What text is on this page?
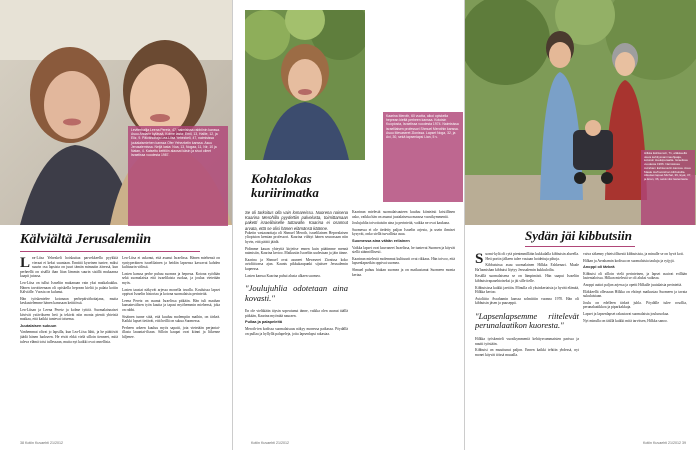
Leviterhalija Leena Peretz, 47, naimisissa rabbiinin kanssa. Asuu Andarin kylässä, Kolme lasta: Emil, 13, Hallie, 12, ja Eliz, 9. Päivähoitaja Lea-Liisa Yehezkeli, 47, naimisissa juutalaismiehen kanssa Ofer Yehezkelin kanssa. Asuu Jerusalemissa. Neljä lasta: Noa, 13, Nogaa, 11, Nir, 10 ja Natan, 4. Katseltu keittiön alaosat käsin ja sivut olleet Israelissa vuodesta 1987.
Kälviältä Jerusalemiin
L ea-Liisa Yehezkeli hoiskuttaa parvekkeella pyykkiä vieraat ei keksi suuntaan. Ennätti kyseinen tuntee, miksi suurin osa lapsista on juuri tämän minuutin ääressä, kun perheellä on sisällä ihan liian lämmin suurin sisällä mukaansa kaapit jutussa.

Lea-Liisa on tullut Israeliin mukanaan vain yksi matkalaukku. Hänen tavoitteenaan oli opiskella heprean kieltä ja palata kotiin Kälviälle. Vuosia on kulunut.

Hän työskentelee kotonaan perhepäivähoitajana, mutta keskustelemme hänen kanssaan keittiössä.

Lea-Liisan ja Leena Peretz ja kolme tyttöä. Suomalaisnaiset kävivät ystävikseen heti ja tekivät niin monta pientä yhteistä matkaa, että kaikki tuntevat toisensa.

Juutalaisen sukuun

Vanhemmat olivat jo lapsilla, kun Lea-Liisa lähti, ja he päättivät jäädä hänen luokseen. He eivät ehkä vielä silloin tienneet, mitä tuleva elämä toisi tullessaan, mutta nyt kaikki ovat onnellisia.

Lea-Liisa ei uskonut, että asunut Israelissa. Hänen miehensä on syntyperäinen israelilainen ja heidän lapsensa kasvavat kahden kulttuurin välissä.

Lasten kanssa perhe puhuu suomea ja hepreaa. Kotona syödään sekä suomalaista että israelilaista ruokaa, ja joulua vietetään myös.

Lasten taustat näkyvät arjessa monella tavalla. Kouluissa lapset oppivat Israelin historiaa ja kotona suomalaisia perinteitä.

Leena Peretz on asunut Israelissa pitkään. Hän tuli maahan kansainvälisen työn kautta ja tapasi myöhemmin miehensä, joka on rabbi.

Sisäinen tunne siitä, että kuuluu molempiin maihin, on tärkeä. Kaikki lapset tietävät, että heillä on sukua Suomessa.

Perheen arkeen kuuluu myös sapatti, jota vietetään perjantai-illasta lauantai-iltaan. Silloin kaupat ovat kiinni ja liikenne hiljenee.

38 Kotiin Kuvaehti 21/2012
Kaarina Meroth, 60 vuotta, alkoi opiskella heprean kieltä perheen kanssa. Kotoisin Kuopiosta, Israelissa vuodesta 1974. Naimisissa israelilaisen professori Shmuel Merothin kanssa. Asuu Mevaseret Zionissa. Lapset Noga, 32, ja Avi, 30, sekä lapsenlapsi Lian, 5 v.
Kohtalokas kuriirimatka
Se oli tarkoitus olla vain lomareissu. Nuorena naisena Kaarina Merohilla pyydettiin palvelusta, toimittamaan paketti israelilaiselle tuttavalle. Kaarina ei osannut arvata, että se olisi hänen elämänsä käänne.

Paketin vastaanottaja oli Shmuel Meroth, israelilainen Heprealaisen yliopiston kemian professori. Kaarina viihtyi hänen seurassaan niin hyvin, että päätti jäädä.

Pidimme kauan yhteyttä kirjeitse ennen kuin päätimme mennä naimisiin, Kaarina kertoo. Matkustin Israeliin uudestaan ja jäin tänne.

Kaarina ja Shmuel ovat asuneet Mevaseret Zionissa koko avioliittonsa ajan. Kaunis pikkukaupunki sijaitsee Jerusalemin kupeessa.

Lasten kanssa Kaarina puhui alusta alkaen suomea.

"Joulujuhlia odotetaan aina kovasti."

En ole vieläkään täysin sopeutunut tänne, vaikka olen asunut täällä pitkään, Kaarina myöntää nauraen.

Pullaa ja palapeleitä

Meroth-ien kodissa suomalaisuus näkyy monessa paikassa. Pöydällä on pullaa ja hyllyllä palapeleja, joita lapsenlapsi rakastaa.

Kaarinan mielestä suomalaisuuteen kuuluu kiinteästi kristillinen usko, vaikka hän on asunut juutalaisessa maassa vuosikymmeniä.

Joulujuhlia toivottaisiin aina ja perinteitä, vaikka ne ovat kaukana.

Suomessa ei ole tiedetty paljon Israelin arjesta, ja usein ihmiset kysyvät, onko siellä turvallista asua.

Suomessa aina vähän erilainen

Vaikka lapset ovat kasvaneet Israelissa, he tuntevat Suomen ja käyvät siellä säännöllisesti.

Kaarinan mielestä molemmat kulttuurit ovat rikkaus. Hän toivoo, että lapsenlapsetkin oppivat suomea.

Shmuel puhuu hiukan suomea ja on matkustanut Suomeen monta kertaa.

Kotiin Kuvaehti 21/2012
Hilkka Eshkenazi, 71, eläkkeellä oleva kehitysvammaohjaaja, kotoisin Haukiputaalta. Israelissa vuodesta 1966. Naimisissa Avraham Eshkenazin kanssa. Asuu Maale Ha'hamishan kibbutsilla. Aikuiset lapset Michal, 39, Eyal, 37, ja Eran, 36, sekä viisi lastenlasta.
Sydän jäi kibbutsiin
S uomi-kylä oli rytä pienimmillään kukkulalla kibbutsin alueella. Heti portin jälkeen tulee vastaan hoidettuja pihoja.

Kibbutsissa asuu suomalainen Hilkka Eshkenazi. Maale Ha'hamishan kibbutsi löytyy Jerusalemin kukkuloilta.

Kesällä suomalaisena se on lämpimästi. Hän saapui Israeliin kibbutsivapaaehtoiseksi ja jäi sille tielle.

Kibbutsissa kaikki jaettiin. Minulla oli yksinkertaista ja hyvää elämää, Hilkka kertoo.

Avioliitto Avrahamin kanssa solmittiin vuonna 1970. Hän oli kibbutsin jäsen ja puuseppä.

"Lapsenlapsemme riitelevät perunalaatikon kuoresta."

Hilkka työskenteli vuosikymmeniä kehitysvammaisten parissa ja nautti työstään.

Kibbutsi on muuttunut paljon. Ennen kaikki tehtiin yhdessä, nyt monet käyvät töissä muualla.

vaiva säkenny yhteisöllisestä kibbutsista, ja minulle se on hyvä koti.

Hilkan ja Avrahamin kodissa on suomalaisia tauluja ja ryijyjä.

Anoppi oli tärkeä

Kibbutsi oli silloin vielä perinteinen, ja lapset asuivat erillään lastentaloissa. Hilkan mielestä se oli aluksi vaikeaa.

Anoppi auttoi paljon arjessa ja opetti Hilkalle juutalaisia perinteitä.

Eläkkeellä ollessaan Hilkka on ehtinyt matkustaa Suomeen ja tavata sukulaisiaan.

Joulu on edelleen tärkeä juhla. Pöydälle tulee rosollia, perunalaatikkoa ja piparkakkuja.

Lapset ja lapsenlapset rakastavat suomalaista jouluruokaa.

Nyt minulla on täällä kaikki mitä tarvitsen, Hilkka sanoo.

Kotiin Kuvaehti 21/2012 39
